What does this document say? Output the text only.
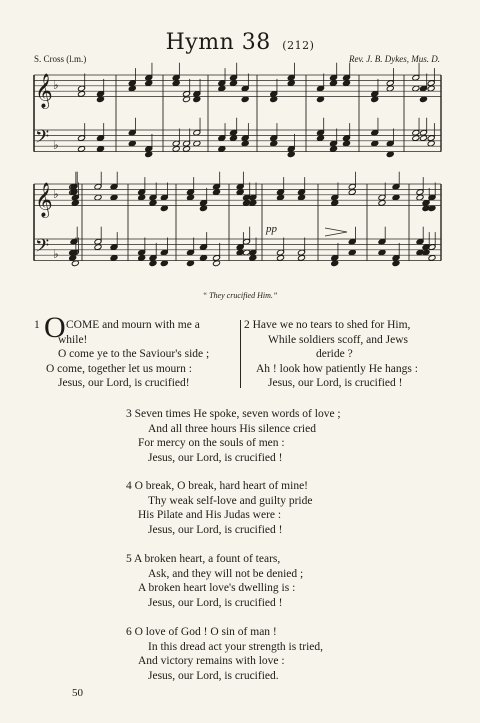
Hymn 38 (212)
S. Cross (l.m.)	Rev. J. B. Dykes, Mus. D.
𝄞 ♭
𝄢 ♭
𝄞 ♭
𝄢 ♭
pp
“ They crucified Him.”
1 O COME and mourn with me a
while!
O come ye to the Saviour's side ;
O come, together let us mourn :
Jesus, our Lord, is crucified!
2 Have we no tears to shed for Him,
While soldiers scoff, and Jews
deride ?
Ah ! look how patiently He hangs :
Jesus, our Lord, is crucified !
3 Seven times He spoke, seven words of love ;
And all three hours His silence cried
For mercy on the souls of men :
Jesus, our Lord, is crucified !
4 O break, O break, hard heart of mine!
Thy weak self-love and guilty pride
His Pilate and His Judas were :
Jesus, our Lord, is crucified !
5 A broken heart, a fount of tears,
Ask, and they will not be denied ;
A broken heart love's dwelling is :
Jesus, our Lord, is crucified !
6 O love of God ! O sin of man !
In this dread act your strength is tried,
And victory remains with love :
Jesus, our Lord, is crucified.
50
